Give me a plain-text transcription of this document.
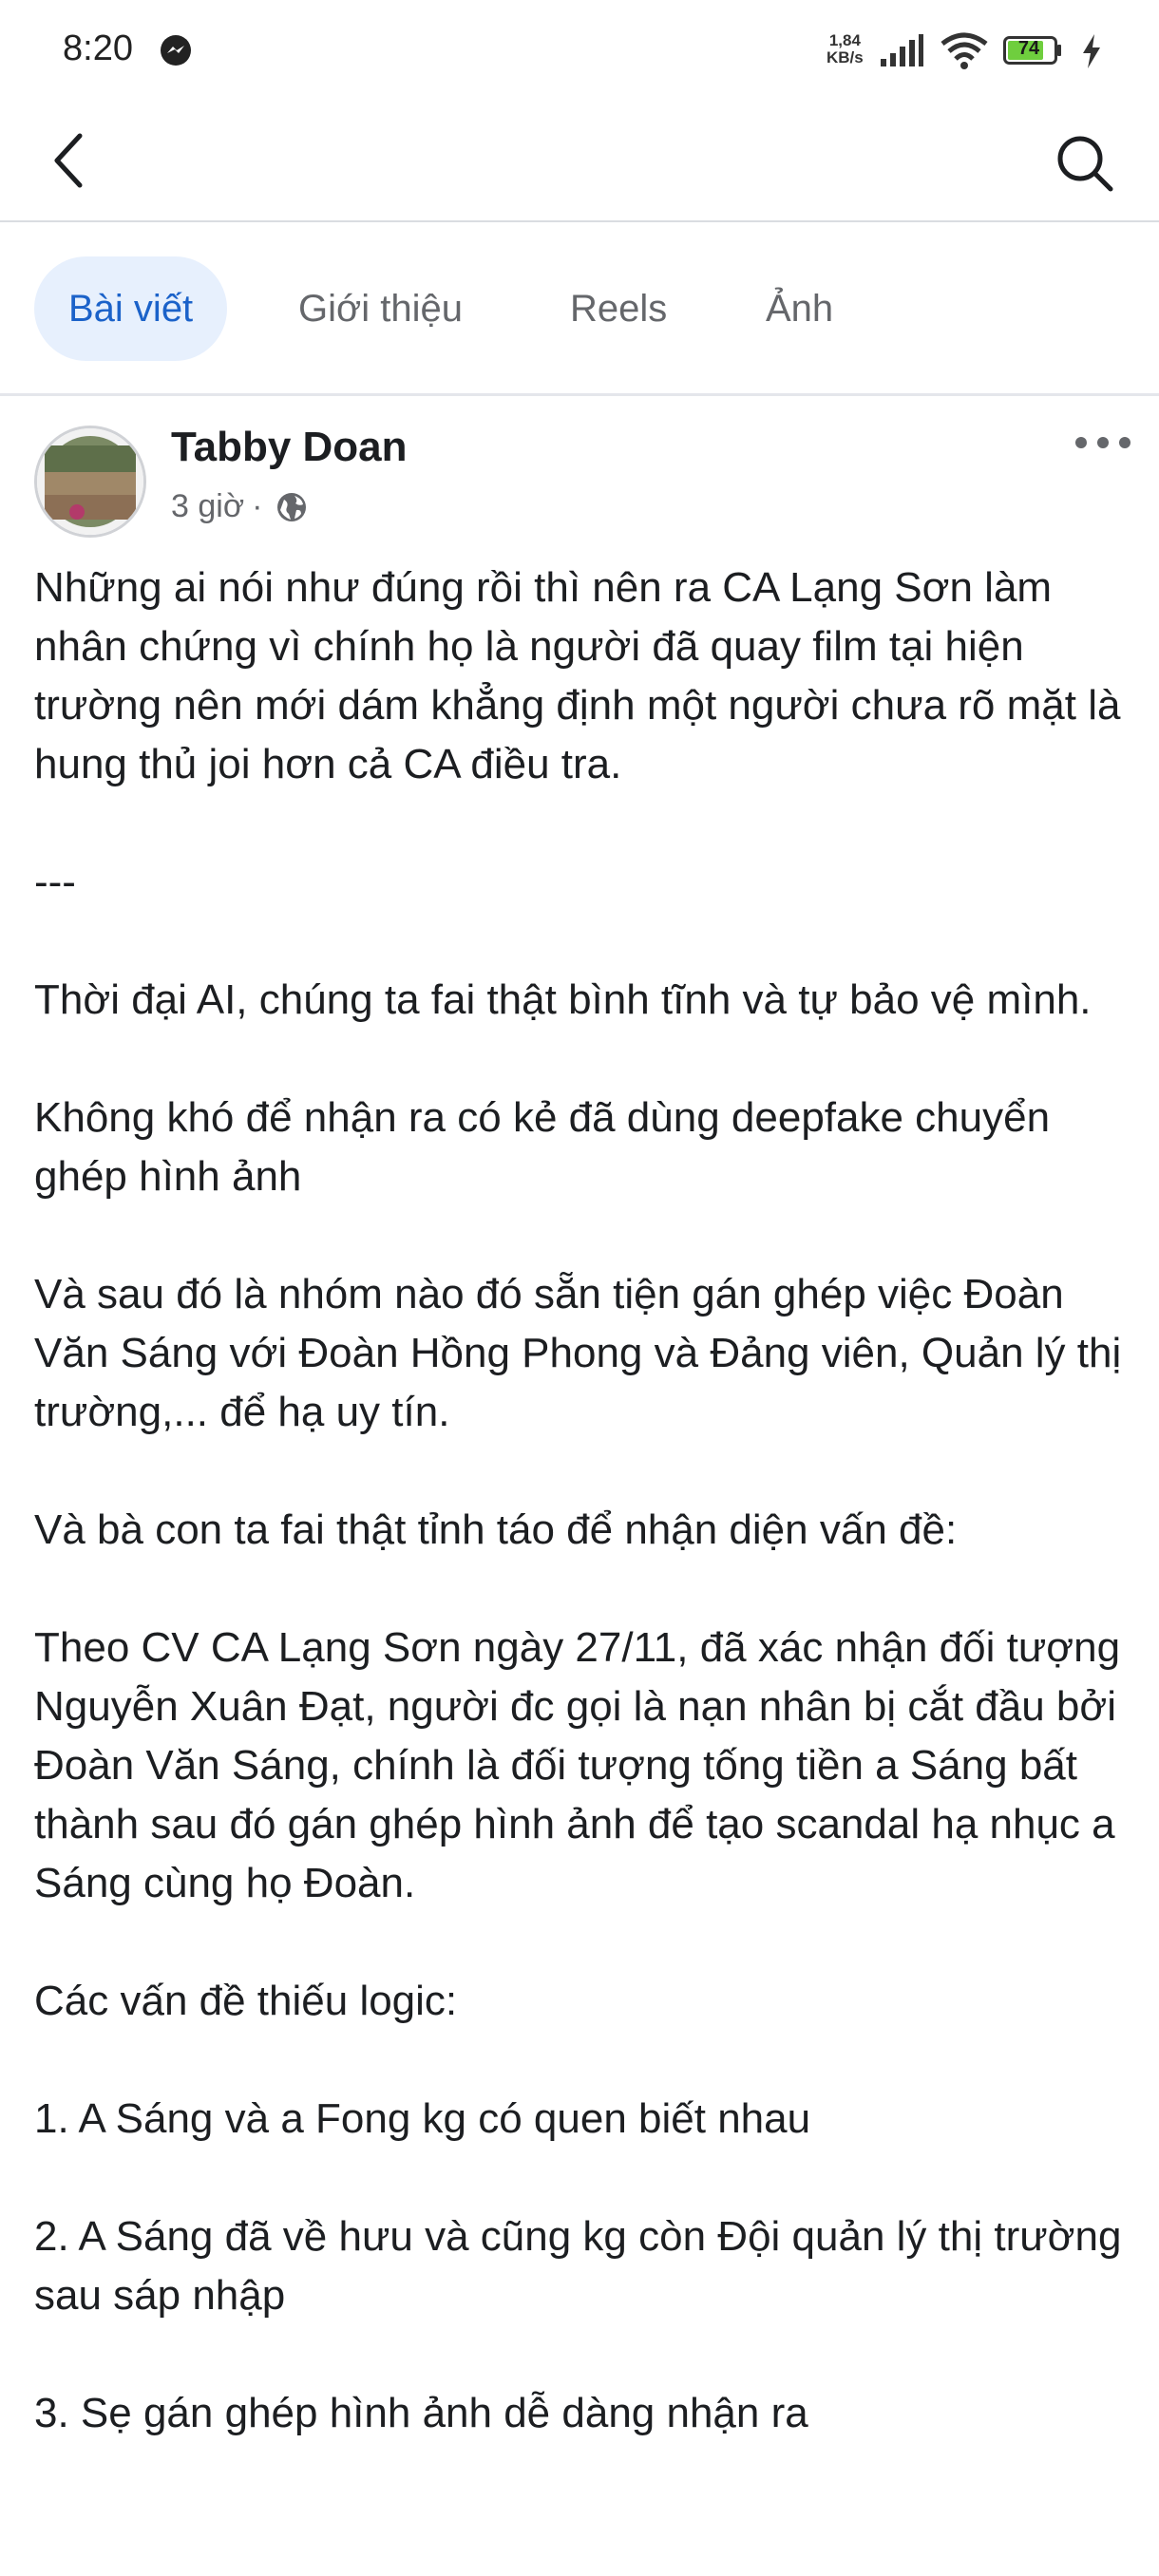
8:20	1,84
KB/s	74
Bài viết	Giới thiệu	Reels	Ảnh
Tabby Doan
3 giờ ·

Những ai nói như đúng rồi thì nên ra CA Lạng Sơn làm nhân chứng vì chính họ là người đã quay film tại hiện trường nên mới dám khẳng định một người chưa rõ mặt là hung thủ joi hơn cả CA điều tra.

---

Thời đại AI, chúng ta fai thật bình tĩnh và tự bảo vệ mình.

Không khó để nhận ra có kẻ đã dùng deepfake chuyển ghép hình ảnh

Và sau đó là nhóm nào đó sẵn tiện gán ghép việc Đoàn Văn Sáng với Đoàn Hồng Phong và Đảng viên, Quản lý thị trường,... để hạ uy tín.

Và bà con ta fai thật tỉnh táo để nhận diện vấn đề:

Theo CV CA Lạng Sơn ngày 27/11, đã xác nhận đối tượng Nguyễn Xuân Đạt, người đc gọi là nạn nhân bị cắt đầu bởi Đoàn Văn Sáng, chính là đối tượng tống tiền a Sáng bất thành sau đó gán ghép hình ảnh để tạo scandal hạ nhục a Sáng cùng họ Đoàn.

Các vấn đề thiếu logic:

1. A Sáng và a Fong kg có quen biết nhau

2. A Sáng đã về hưu và cũng kg còn Đội quản lý thị trường sau sáp nhập

3. Sẹ gán ghép hình ảnh dễ dàng nhận ra
